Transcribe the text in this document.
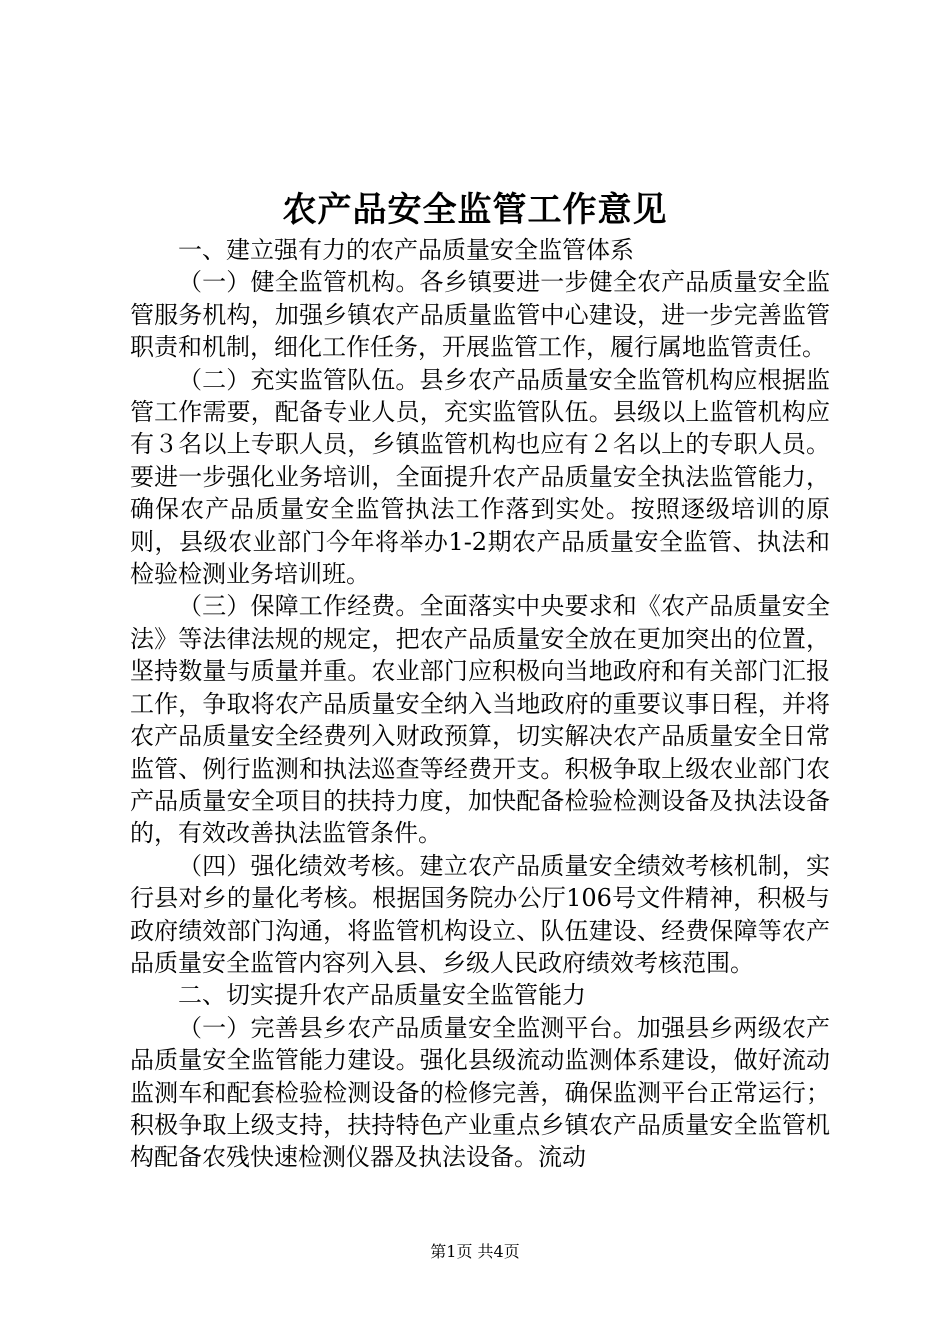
农产品安全监管工作意见

一、建立强有力的农产品质量安全监管体系

（一）健全监管机构。各乡镇要进一步健全农产品质量安全监管服务机构，加强乡镇农产品质量监管中心建设，进一步完善监管职责和机制，细化工作任务，开展监管工作，履行属地监管责任。

（二）充实监管队伍。县乡农产品质量安全监管机构应根据监管工作需要，配备专业人员，充实监管队伍。县级以上监管机构应有３名以上专职人员，乡镇监管机构也应有２名以上的专职人员。要进一步强化业务培训，全面提升农产品质量安全执法监管能力，确保农产品质量安全监管执法工作落到实处。按照逐级培训的原则，县级农业部门今年将举办1-2期农产品质量安全监管、执法和检验检测业务培训班。

（三）保障工作经费。全面落实中央要求和《农产品质量安全法》等法律法规的规定，把农产品质量安全放在更加突出的位置，坚持数量与质量并重。农业部门应积极向当地政府和有关部门汇报工作，争取将农产品质量安全纳入当地政府的重要议事日程，并将农产品质量安全经费列入财政预算，切实解决农产品质量安全日常监管、例行监测和执法巡查等经费开支。积极争取上级农业部门农产品质量安全项目的扶持力度，加快配备检验检测设备及执法设备的，有效改善执法监管条件。

（四）强化绩效考核。建立农产品质量安全绩效考核机制，实行县对乡的量化考核。根据国务院办公厅106号文件精神，积极与政府绩效部门沟通，将监管机构设立、队伍建设、经费保障等农产品质量安全监管内容列入县、乡级人民政府绩效考核范围。

二、切实提升农产品质量安全监管能力

（一）完善县乡农产品质量安全监测平台。加强县乡两级农产品质量安全监管能力建设。强化县级流动监测体系建设，做好流动监测车和配套检验检测设备的检修完善，确保监测平台正常运行；积极争取上级支持，扶持特色产业重点乡镇农产品质量安全监管机构配备农残快速检测仪器及执法设备。流动

第1页 共4页
